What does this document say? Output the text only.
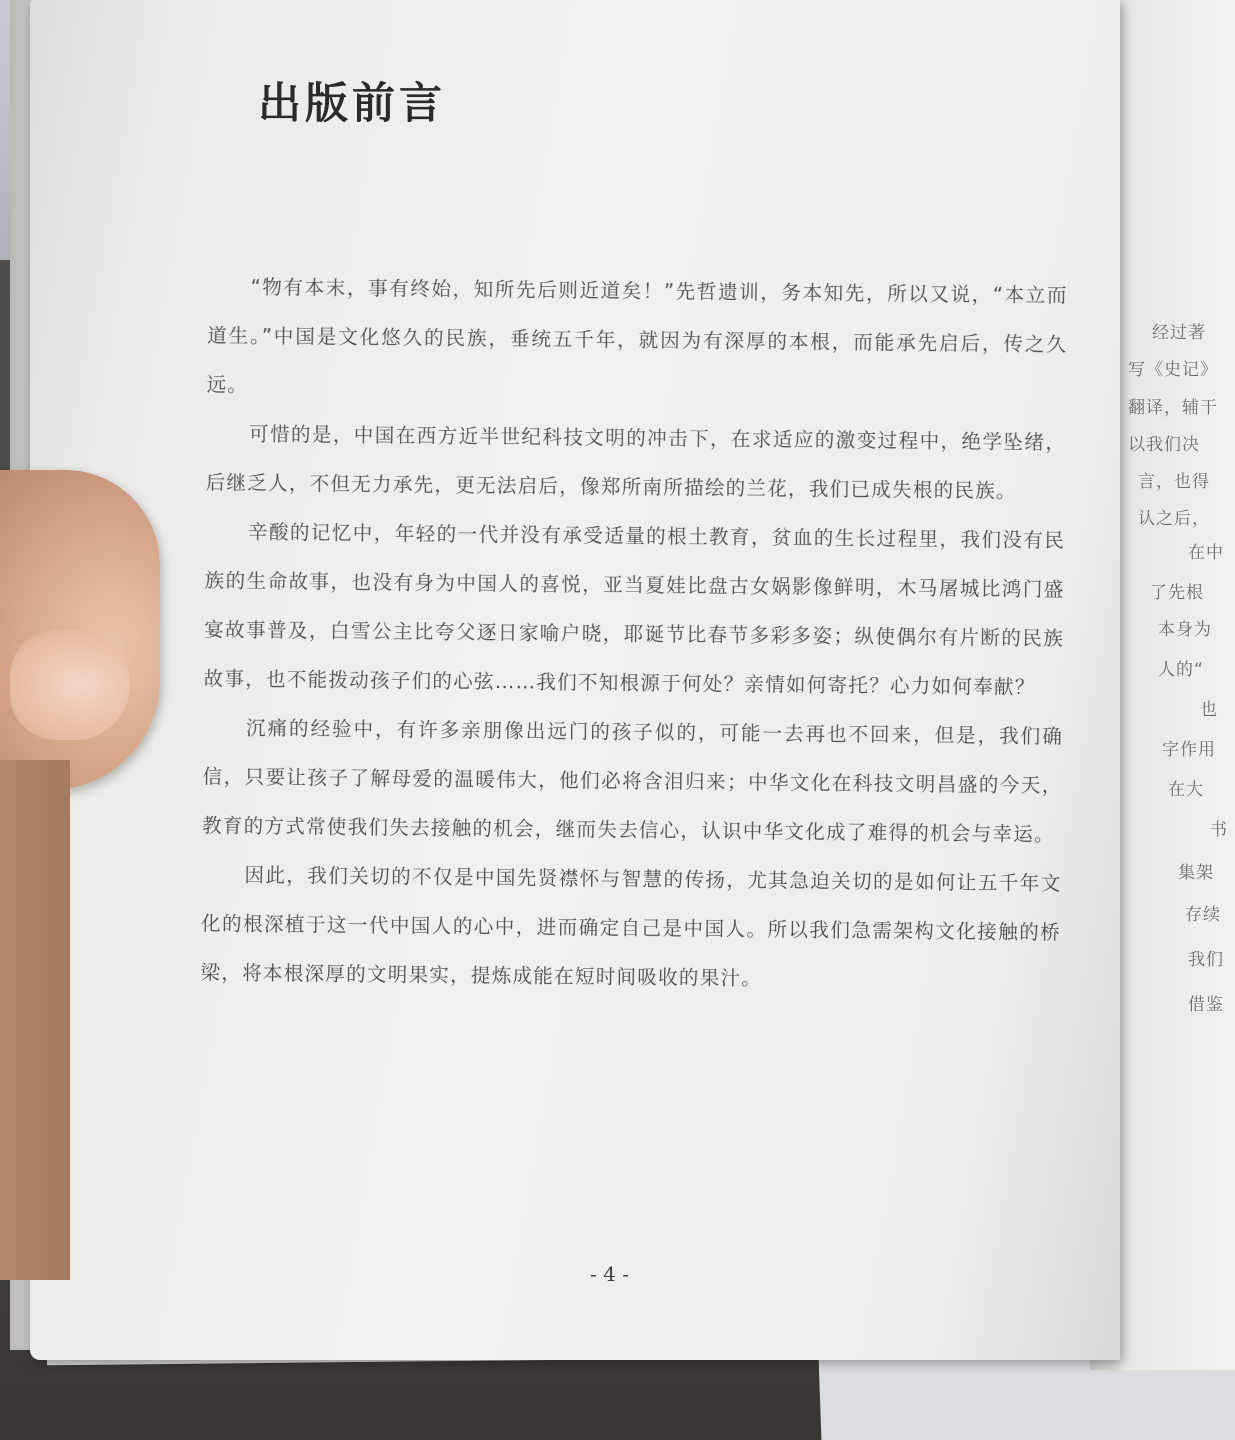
经过著
写《史记》
翻译，辅干
以我们决
言，也得
认之后，
在中
了先根
本身为
人的“
也
字作用
在大
书
集架
存续
我们
借鉴
出版前言

“物有本末，事有终始，知所先后则近道矣！”先哲遗训，务本知先，所以又说，“本立而道生。”中国是文化悠久的民族，垂统五千年，就因为有深厚的本根，而能承先启后，传之久远。

可惜的是，中国在西方近半世纪科技文明的冲击下，在求适应的激变过程中，绝学坠绪，后继乏人，不但无力承先，更无法启后，像郑所南所描绘的兰花，我们已成失根的民族。

辛酸的记忆中，年轻的一代并没有承受适量的根土教育，贫血的生长过程里，我们没有民族的生命故事，也没有身为中国人的喜悦，亚当夏娃比盘古女娲影像鲜明，木马屠城比鸿门盛宴故事普及，白雪公主比夸父逐日家喻户晓，耶诞节比春节多彩多姿；纵使偶尔有片断的民族故事，也不能拨动孩子们的心弦……我们不知根源于何处？亲情如何寄托？心力如何奉献？

沉痛的经验中，有许多亲朋像出远门的孩子似的，可能一去再也不回来，但是，我们确信，只要让孩子了解母爱的温暖伟大，他们必将含泪归来；中华文化在科技文明昌盛的今天，教育的方式常使我们失去接触的机会，继而失去信心，认识中华文化成了难得的机会与幸运。

因此，我们关切的不仅是中国先贤襟怀与智慧的传扬，尤其急迫关切的是如何让五千年文化的根深植于这一代中国人的心中，进而确定自己是中国人。所以我们急需架构文化接触的桥梁，将本根深厚的文明果实，提炼成能在短时间吸收的果汁。

- 4 -
